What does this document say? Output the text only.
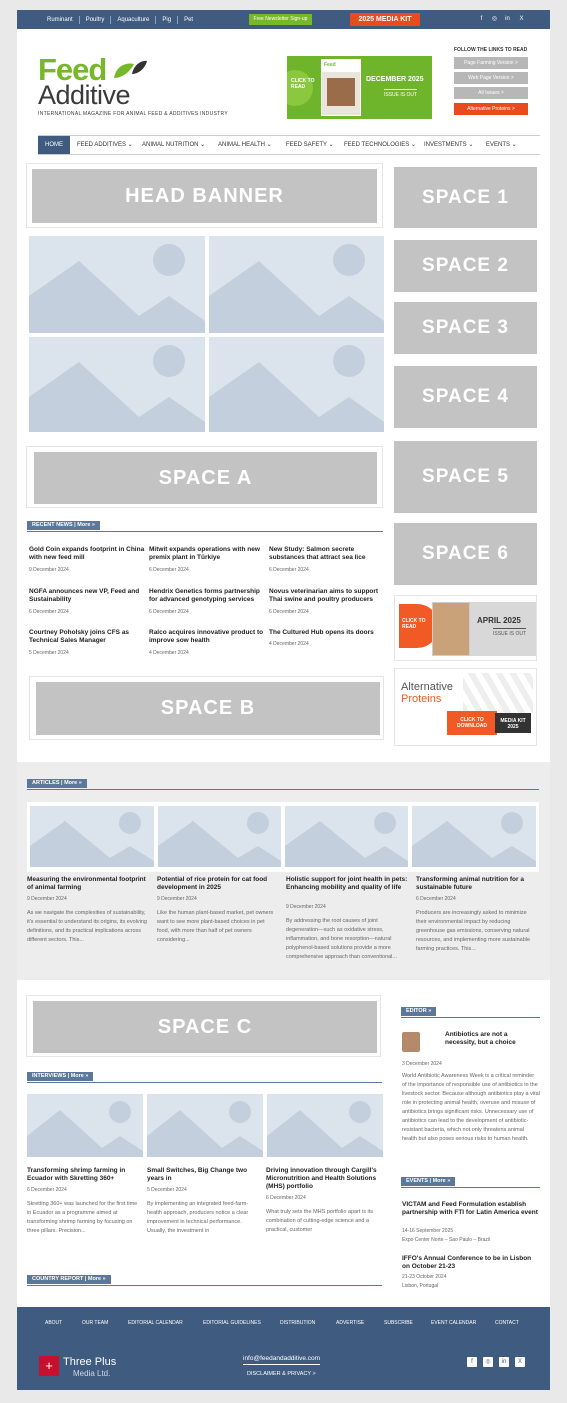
Ruminant	Poultry	Aquaculture	Pig	Pet	Free Newsletter Sign-up	2025 MEDIA KIT	f	◎	in	X
Feed
Additive
INTERNATIONAL MAGAZINE FOR ANIMAL FEED & ADDITIVES INDUSTRY
CLICK TO READ
Feed
DECEMBER 2025
ISSUE IS OUT
FOLLOW THE LINKS TO READ
Page Farming Version >
Web Page Version >
All Issues >
Alternative Proteins >
HOME	FEED ADDITIVES ⌄ ANIMAL NUTRITION ⌄ ANIMAL HEALTH ⌄ FEED SAFETY ⌄ FEED TECHNOLOGIES ⌄ INVESTMENTS ⌄ EVENTS ⌄
HEAD BANNER	SPACE 1
SPACE 2
SPACE 3
SPACE 4
SPACE 5
SPACE 6
CLICK TO READ
APRIL 2025
ISSUE IS OUT
Alternative
Proteins
CLICK TO DOWNLOAD
MEDIA KIT 2025
SPACE A
RECENT NEWS | More »
Gold Coin expands footprint in China with new feed mill
9 December 2024
Mitwit expands operations with new premix plant in Türkiye
6 December 2024
New Study: Salmon secrete substances that attract sea lice
6 December 2024
NGFA announces new VP, Feed and Sustainability
6 December 2024
Hendrix Genetics forms partnership for advanced genotyping services
6 December 2024
Novus veterinarian aims to support Thai swine and poultry producers
6 December 2024
Courtney Poholsky joins CFS as Technical Sales Manager
5 December 2024
Ralco acquires innovative product to improve sow health
4 December 2024
The Cultured Hub opens its doors
4 December 2024
SPACE B
ARTICLES | More »
Measuring the environmental footprint of animal farming
9 December 2024
As we navigate the complexities of sustainability, it's essential to understand its origins, its evolving definitions, and its practical implications across different sectors. This...
Potential of rice protein for cat food development in 2025
9 December 2024
Like the human plant-based market, pet owners want to see more plant-based choices in pet food, with more than half of pet owners considering...
Holistic support for joint health in pets: Enhancing mobility and quality of life
9 December 2024
By addressing the root causes of joint degeneration—such as oxidative stress, inflammation, and bone resorption—natural polyphenol-based solutions provide a more comprehensive approach than conventional...
Transforming animal nutrition for a sustainable future
6 December 2024
Producers are increasingly asked to minimize their environmental impact by reducing greenhouse gas emissions, conserving natural resources, and implementing more sustainable farming practices. This...
SPACE C
INTERVIEWS | More »
Transforming shrimp farming in Ecuador with Skretting 360+
6 December 2024
Skretting 360+ was launched for the first time in Ecuador as a programme aimed at transforming shrimp farming by focusing on three pillars. Precision...
Small Switches, Big Change two years in
5 December 2024
By implementing an integrated feed-farm-health approach, producers notice a clear improvement in technical performance. Usually, the investment in
Driving innovation through Cargill's Micronutrition and Health Solutions (MHS) portfolio
6 December 2024
What truly sets the MHS portfolio apart is its combination of cutting-edge science and a practical, customer
COUNTRY REPORT | More »
EDITOR »
Antibiotics are not a necessity, but a choice
3 December 2024
World Antibiotic Awareness Week is a critical reminder of the importance of responsible use of antibiotics in the livestock sector. Because although antibiotics play a vital role in protecting animal health, overuse and misuse of antibiotics brings significant risks. Unnecessary use of antibiotics can lead to the development of antibiotic-resistant bacteria, which not only threatens animal health but also poses serious risks to human health.
EVENTS | More »
VICTAM and Feed Formulation establish partnership with FTI for Latin America event
14-16 September 2025
Expo Center Norte – Sao Paulo – Brazil
IFFO's Annual Conference to be in Lisbon on October 21-23
21-23 October 2024
Lisbon, Portugal
ABOUT	OUR TEAM	EDITORIAL CALENDAR	EDITORIAL GUIDELINES	DISTRIBUTION	ADVERTISE	SUBSCRIBE	EVENT CALENDAR	CONTACT
+ Three Plus
Media Ltd.
info@feedandadditive.com
DISCLAIMER & PRIVACY >
f	◎	in	X
